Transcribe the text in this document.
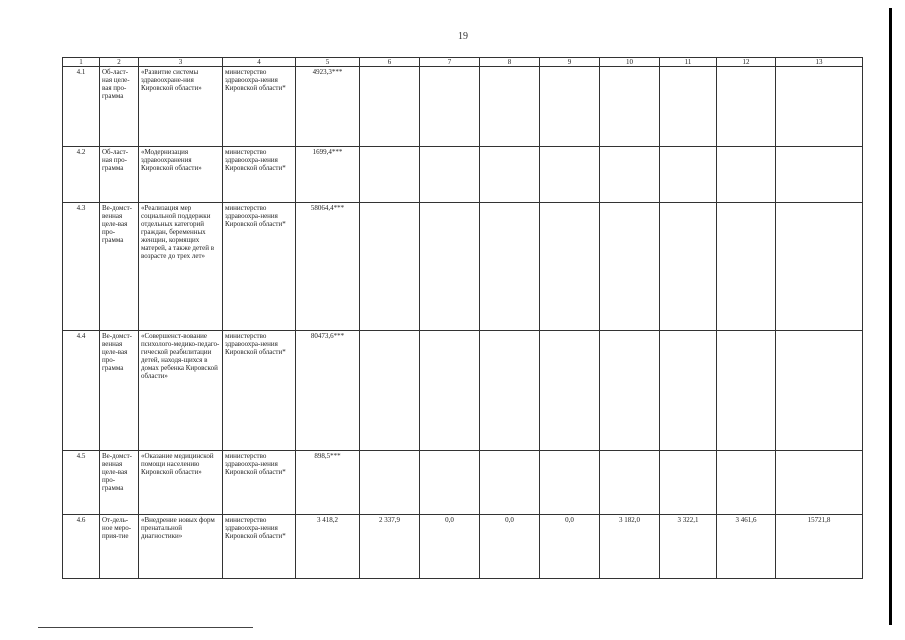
19
1	2	3	4	5	6	7	8	9	10	11	12	13
4.1	Об-ласт-ная целе-вая про-грамма	«Развитие системы здравоохране-ния Кировской области»	министерство здравоохра-нения Кировской области*	4923,3***								
4.2	Об-ласт-ная про-грамма	«Модернизация здравоохранения Кировской области»	министерство здравоохра-нения Кировской области*	1699,4***								
4.3	Ве-домст-венная целе-вая про-грамма	«Реализация мер социальной поддержки отдельных категорий граждан, беременных женщин, кормящих матерей, а также детей в возрасте до трех лет»	министерство здравоохра-нения Кировской области*	58064,4***								
4.4	Ве-домст-венная целе-вая про-грамма	«Совершенст-вование психолого-медико-педаго-гической реабилитации детей, находя-щихся в домах ребенка Кировской области»	министерство здравоохра-нения Кировской области*	80473,6***								
4.5	Ве-домст-венная целе-вая про-грамма	«Оказание медицинской помощи населению Кировской области»	министерство здравоохра-нения Кировской области*	898,5***								
4.6	От-дель-ное меро-прия-тие	«Внедрение новых форм пренатальной диагностики»	министерство здравоохра-нения Кировской области*	3 418,2	2 337,9	0,0	0,0	0,0	3 182,0	3 322,1	3 461,6	15721,8
